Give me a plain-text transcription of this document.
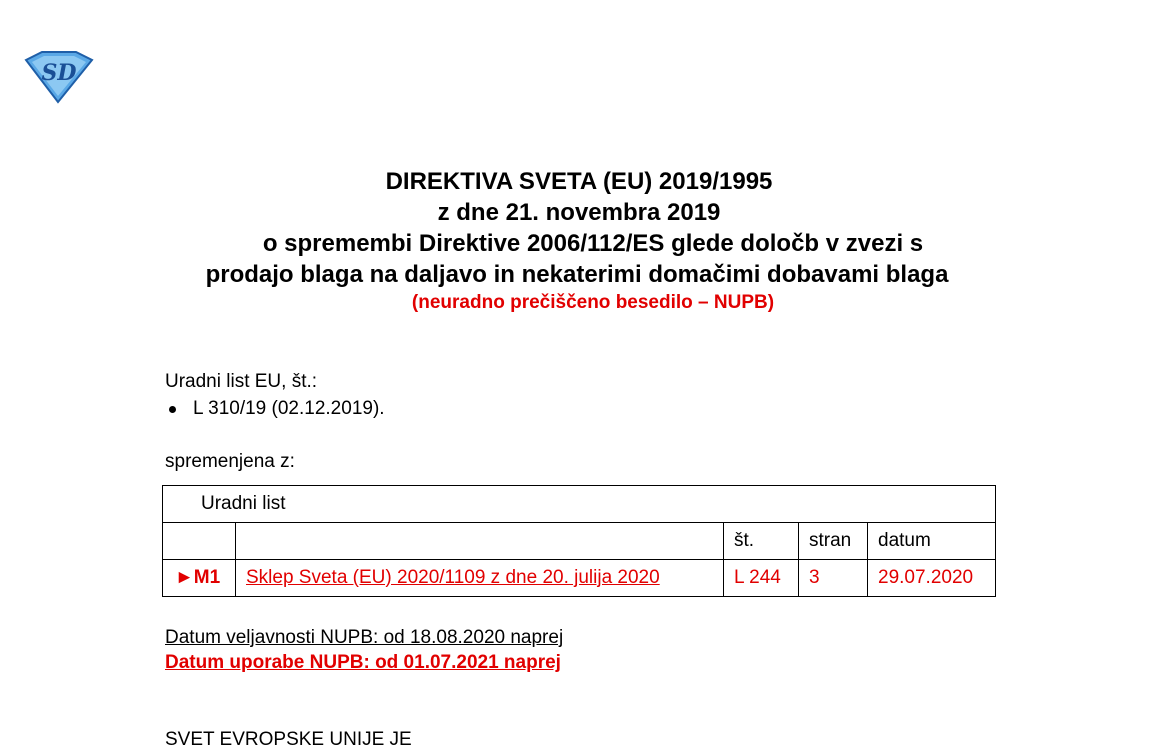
SD
DIREKTIVA SVETA (EU) 2019/1995
z dne 21. novembra 2019
o spremembi Direktive 2006/112/ES glede določb v zvezi s
prodajo blaga na daljavo in nekaterimi domačimi dobavami blaga
(neuradno prečiščeno besedilo – NUPB)
Uradni list EU, št.:
L 310/19 (02.12.2019).
spremenjena z:
Uradni list				
		št.	stran	datum
►M1	Sklep Sveta (EU) 2020/1109 z dne 20. julija 2020	L 244	3	29.07.2020
Datum veljavnosti NUPB: od 18.08.2020 naprej
Datum uporabe NUPB: od 01.07.2021 naprej
SVET EVROPSKE UNIJE JE
